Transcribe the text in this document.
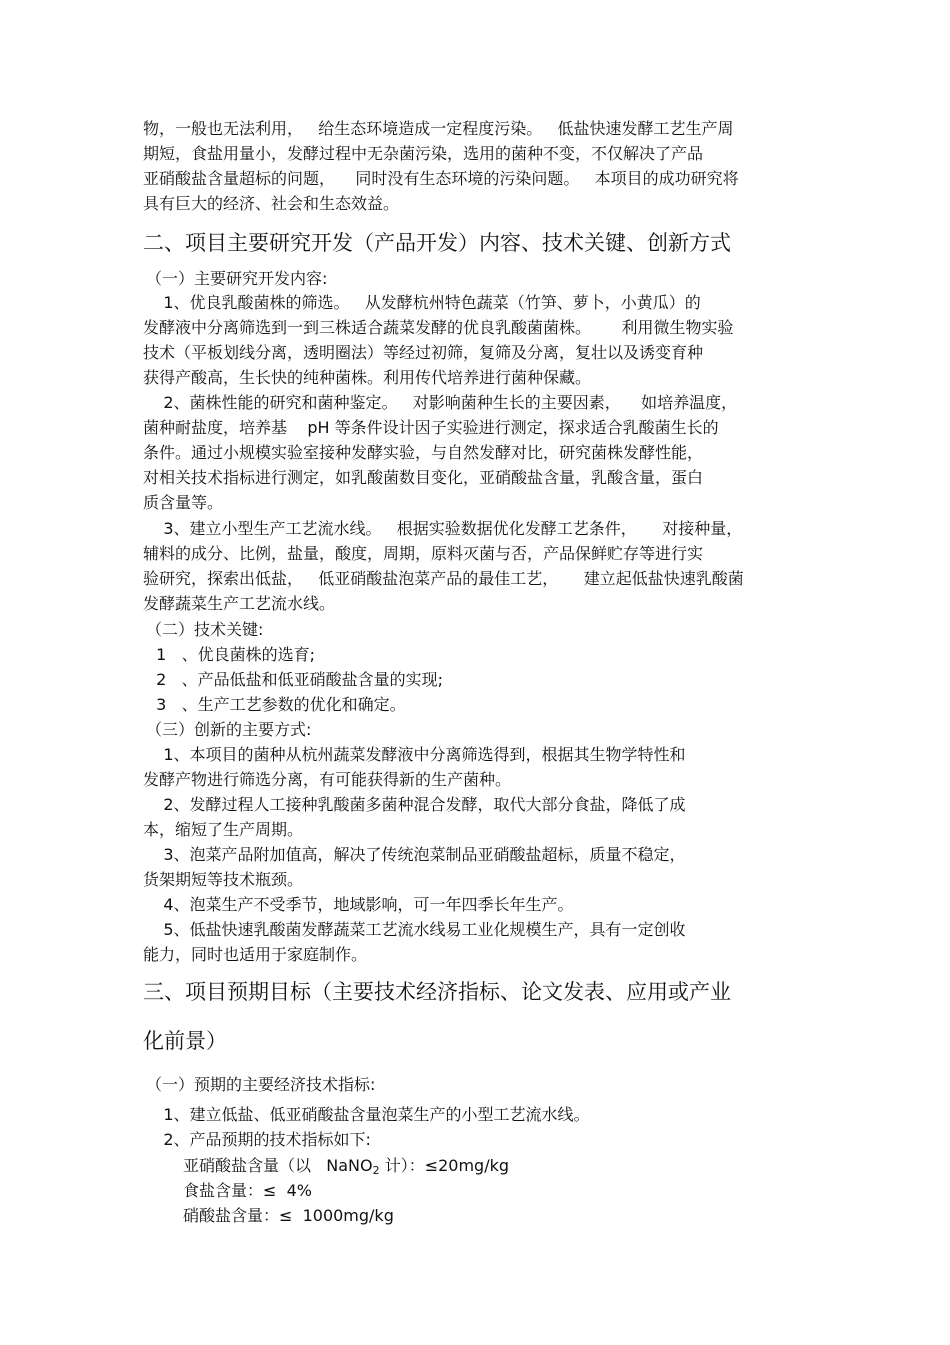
物，一般也无法利用，   给生态环境造成一定程度污染。   低盐快速发酵工艺生产周
期短，食盐用量小，发酵过程中无杂菌污染，选用的菌种不变，不仅解决了产品
亚硝酸盐含量超标的问题，    同时没有生态环境的污染问题。   本项目的成功研究将
具有巨大的经济、社会和生态效益。
二、项目主要研究开发（产品开发）内容、技术关键、创新方式
（一）主要研究开发内容:
1、优良乳酸菌株的筛选。   从发酵杭州特色蔬菜（竹笋、萝卜，小黄瓜）的
发酵液中分离筛选到一到三株适合蔬菜发酵的优良乳酸菌菌株。      利用微生物实验
技术（平板划线分离，透明圈法）等经过初筛，复筛及分离，复壮以及诱变育种
获得产酸高，生长快的纯种菌株。利用传代培养进行菌种保藏。
2、菌株性能的研究和菌种鉴定。   对影响菌种生长的主要因素，    如培养温度，
菌种耐盐度，培养基    pH 等条件设计因子实验进行测定，探求适合乳酸菌生长的
条件。通过小规模实验室接种发酵实验，与自然发酵对比，研究菌株发酵性能，
对相关技术指标进行测定，如乳酸菌数目变化，亚硝酸盐含量，乳酸含量，蛋白
质含量等。
3、建立小型生产工艺流水线。   根据实验数据优化发酵工艺条件，     对接种量，
辅料的成分、比例，盐量，酸度，周期，原料灭菌与否，产品保鲜贮存等进行实
验研究，探索出低盐，   低亚硝酸盐泡菜产品的最佳工艺，     建立起低盐快速乳酸菌
发酵蔬菜生产工艺流水线。
（二）技术关键:
1   、优良菌株的选育;
2   、产品低盐和低亚硝酸盐含量的实现;
3   、生产工艺参数的优化和确定。
（三）创新的主要方式:
1、本项目的菌种从杭州蔬菜发酵液中分离筛选得到，根据其生物学特性和
发酵产物进行筛选分离，有可能获得新的生产菌种。
2、发酵过程人工接种乳酸菌多菌种混合发酵，取代大部分食盐，降低了成
本，缩短了生产周期。
3、泡菜产品附加值高，解决了传统泡菜制品亚硝酸盐超标，质量不稳定，
货架期短等技术瓶颈。
4、泡菜生产不受季节，地域影响，可一年四季长年生产。
5、低盐快速乳酸菌发酵蔬菜工艺流水线易工业化规模生产，具有一定创收
能力，同时也适用于家庭制作。
三、项目预期目标（主要技术经济指标、论文发表、应用或产业
化前景）
（一）预期的主要经济技术指标:
1、建立低盐、低亚硝酸盐含量泡菜生产的小型工艺流水线。
2、产品预期的技术指标如下:
亚硝酸盐含量（以   NaNO$_2$ 计）：≤20mg/kg
食盐含量：≤  4%
硝酸盐含量：≤  1000mg/kg
